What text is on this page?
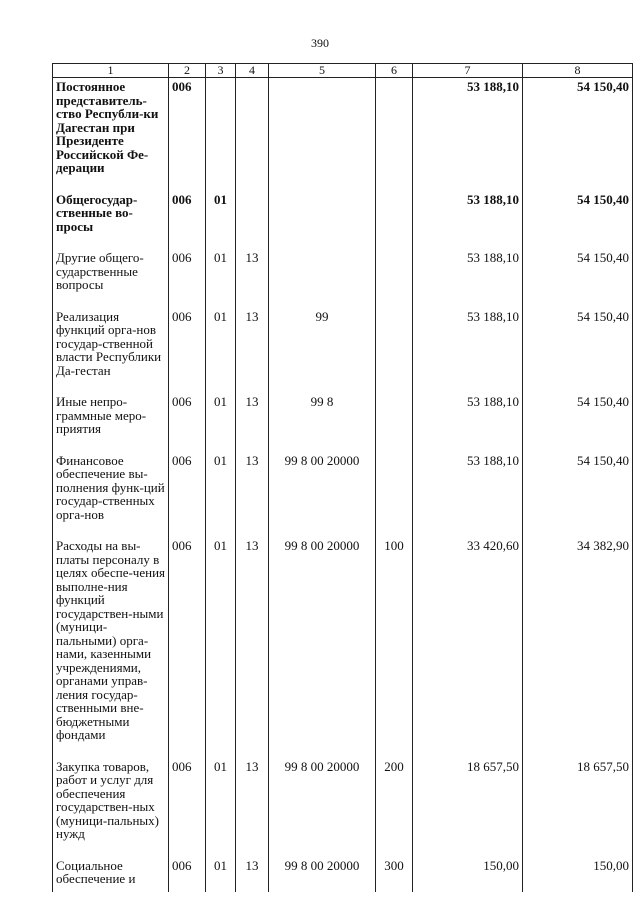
390
1	2	3	4	5	6	7	8
Постоянное представитель-ство Республи-ки Дагестан при Президенте Российской Фе-дерации	006					53 188,10	54 150,40
Общегосудар-ственные во-просы	006	01				53 188,10	54 150,40
Другие общего-сударственные вопросы	006	01	13			53 188,10	54 150,40
Реализация функций орга-нов государ-ственной власти Республики Да-гестан	006	01	13	99		53 188,10	54 150,40
Иные непро-граммные меро-приятия	006	01	13	99 8		53 188,10	54 150,40
Финансовое обеспечение вы-полнения функ-ций государ-ственных орга-нов	006	01	13	99 8 00 20000		53 188,10	54 150,40
Расходы на вы-платы персоналу в целях обеспе-чения выполне-ния функций государствен-ными (муници-пальными) орга-нами, казенными учреждениями, органами управ-ления государ-ственными вне-бюджетными фондами	006	01	13	99 8 00 20000	100	33 420,60	34 382,90
Закупка товаров, работ и услуг для обеспечения государствен-ных (муници-пальных) нужд	006	01	13	99 8 00 20000	200	18 657,50	18 657,50
Социальное обеспечение и	006	01	13	99 8 00 20000	300	150,00	150,00
